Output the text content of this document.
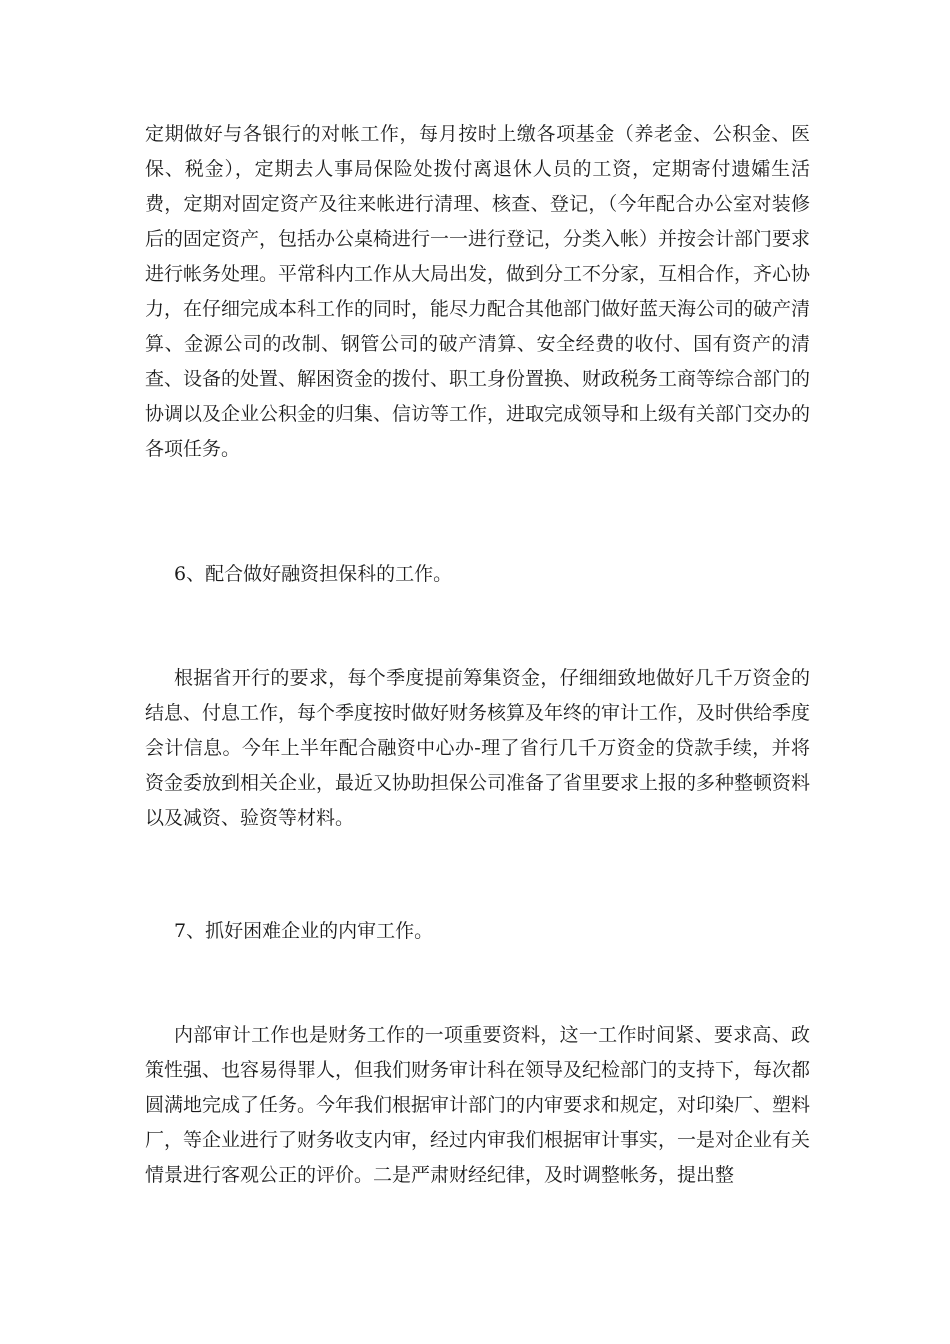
定期做好与各银行的对帐工作，每月按时上缴各项基金（养老金、公积金、医保、税金），定期去人事局保险处拨付离退休人员的工资，定期寄付遗孀生活费，定期对固定资产及往来帐进行清理、核查、登记，（今年配合办公室对装修后的固定资产，包括办公桌椅进行一一进行登记，分类入帐）并按会计部门要求进行帐务处理。平常科内工作从大局出发，做到分工不分家，互相合作，齐心协力，在仔细完成本科工作的同时，能尽力配合其他部门做好蓝天海公司的破产清算、金源公司的改制、钢管公司的破产清算、安全经费的收付、国有资产的清查、设备的处置、解困资金的拨付、职工身份置换、财政税务工商等综合部门的协调以及企业公积金的归集、信访等工作，进取完成领导和上级有关部门交办的各项任务。

6、配合做好融资担保科的工作。

根据省开行的要求，每个季度提前筹集资金，仔细细致地做好几千万资金的结息、付息工作，每个季度按时做好财务核算及年终的审计工作，及时供给季度会计信息。今年上半年配合融资中心办-理了省行几千万资金的贷款手续，并将资金委放到相关企业，最近又协助担保公司准备了省里要求上报的多种整顿资料以及减资、验资等材料。

7、抓好困难企业的内审工作。

内部审计工作也是财务工作的一项重要资料，这一工作时间紧、要求高、政策性强、也容易得罪人，但我们财务审计科在领导及纪检部门的支持下，每次都圆满地完成了任务。今年我们根据审计部门的内审要求和规定，对印染厂、塑料厂，等企业进行了财务收支内审，经过内审我们根据审计事实，一是对企业有关情景进行客观公正的评价。二是严肃财经纪律，及时调整帐务，提出整
